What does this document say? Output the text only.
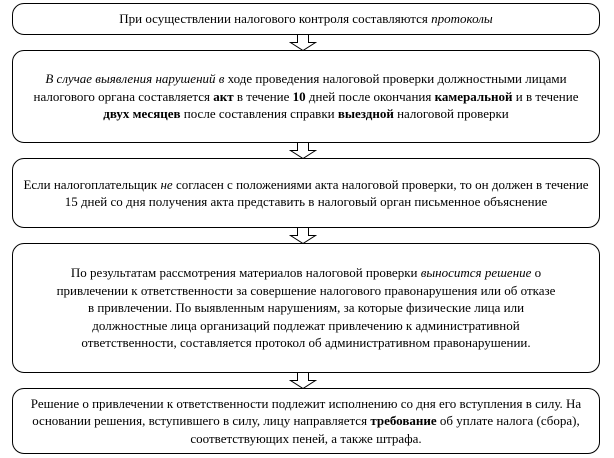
При осуществлении налогового контроля составляются протоколы

В случае выявления нарушений в ходе проведения налоговой проверки должностными лицами налогового органа составляется акт в течение 10 дней после окончания камеральной и в течение двух месяцев после составления справки выездной налоговой проверки

Если налогоплательщик не согласен с положениями акта налоговой проверки, то он должен в течение 15 дней со дня получения акта представить в налоговый орган письменное объяснение

По результатам рассмотрения материалов налоговой проверки выносится решение о привлечении к ответственности за совершение налогового правонарушения или об отказе в привлечении. По выявленным нарушениям, за которые физические лица или должностные лица организаций подлежат привлечению к административной ответственности, составляется протокол об административном правонарушении.

Решение о привлечении к ответственности подлежит исполнению со дня его вступления в силу. На основании решения, вступившего в силу, лицу направляется требование об уплате налога (сбора), соответствующих пеней, а также штрафа.
